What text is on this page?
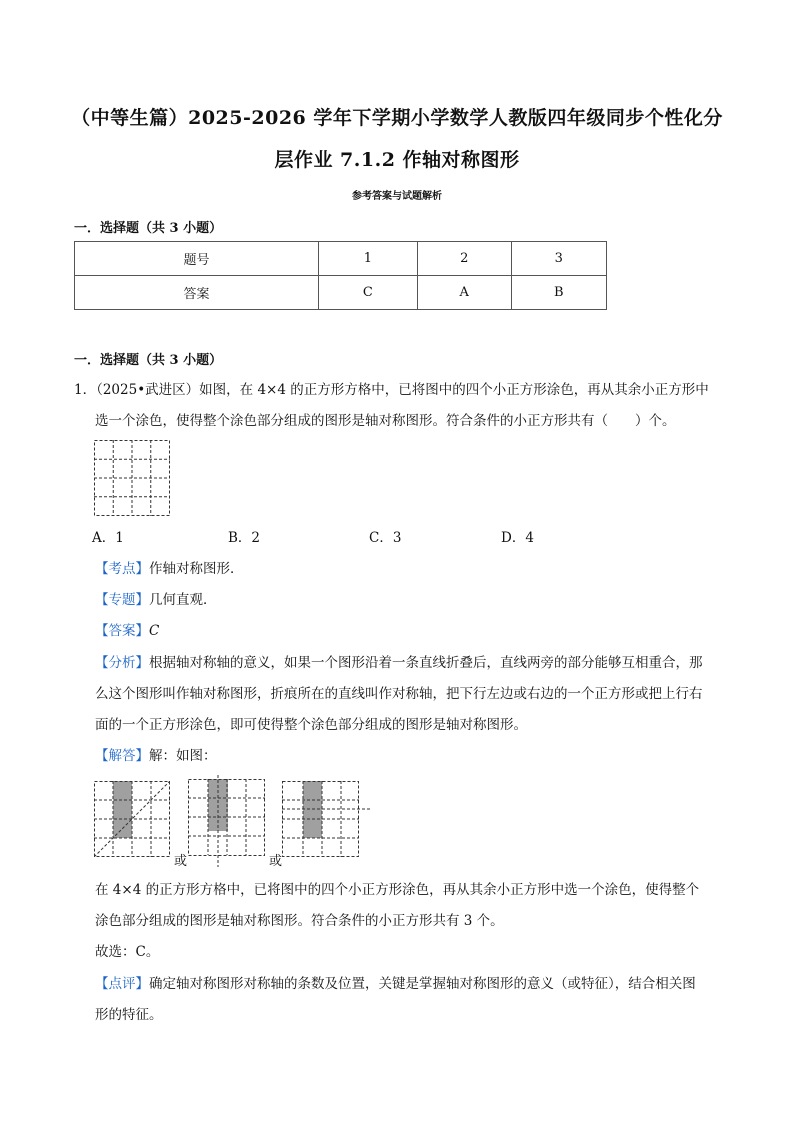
（中等生篇）2025-2026 学年下学期小学数学人教版四年级同步个性化分
层作业 7.1.2 作轴对称图形
参考答案与试题解析
一．选择题（共 3 小题）
题号	1	2	3
答案	C	A	B
一．选择题（共 3 小题）
1．（2025•武进区）如图，在 4×4 的正方形方格中，已将图中的四个小正方形涂色，再从其余小正方形中
选一个涂色，使得整个涂色部分组成的图形是轴对称图形。符合条件的小正方形共有（　　）个。
A．1	B．2	C．3	D．4
【考点】作轴对称图形．
【专题】几何直观．
【答案】C
【分析】根据轴对称轴的意义，如果一个图形沿着一条直线折叠后，直线两旁的部分能够互相重合，那
么这个图形叫作轴对称图形，折痕所在的直线叫作对称轴，把下行左边或右边的一个正方形或把上行右
面的一个正方形涂色，即可使得整个涂色部分组成的图形是轴对称图形。
【解答】解：如图：
或	或
在 4×4 的正方形方格中，已将图中的四个小正方形涂色，再从其余小正方形中选一个涂色，使得整个
涂色部分组成的图形是轴对称图形。符合条件的小正方形共有 3 个。
故选：C。
【点评】确定轴对称图形对称轴的条数及位置，关键是掌握轴对称图形的意义（或特征），结合相关图
形的特征。
